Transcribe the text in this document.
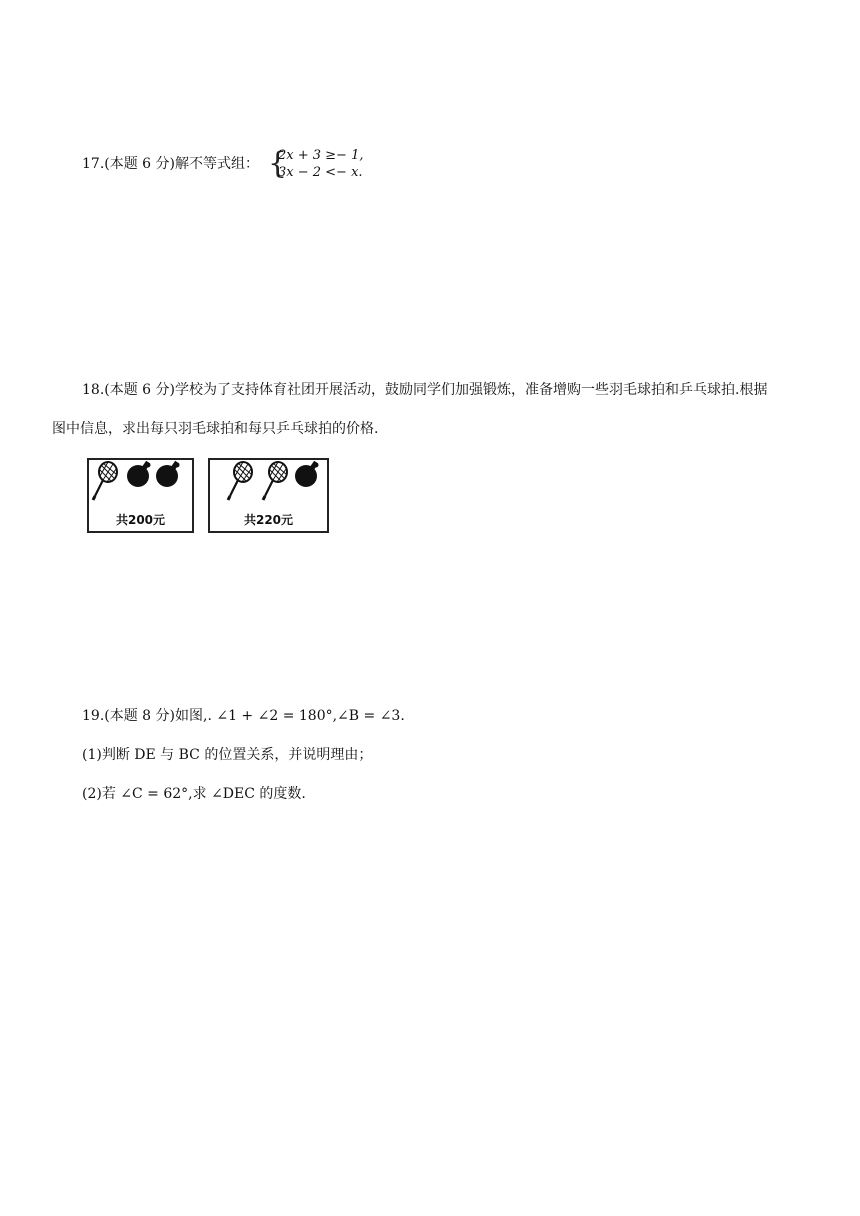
17.(本题 6 分)解不等式组： {
2x + 3 ≥− 1,
3x − 2 <− x.
18.(本题 6 分)学校为了支持体育社团开展活动，鼓励同学们加强锻炼，准备增购一些羽毛球拍和乒乓球拍.根据
图中信息，求出每只羽毛球拍和每只乒乓球拍的价格.
共200元	共220元
19.(本题 8 分)如图,. ∠1 + ∠2 = 180°,∠B = ∠3.
(1)判断 DE 与 BC 的位置关系，并说明理由；
(2)若 ∠C = 62°,求 ∠DEC 的度数.
